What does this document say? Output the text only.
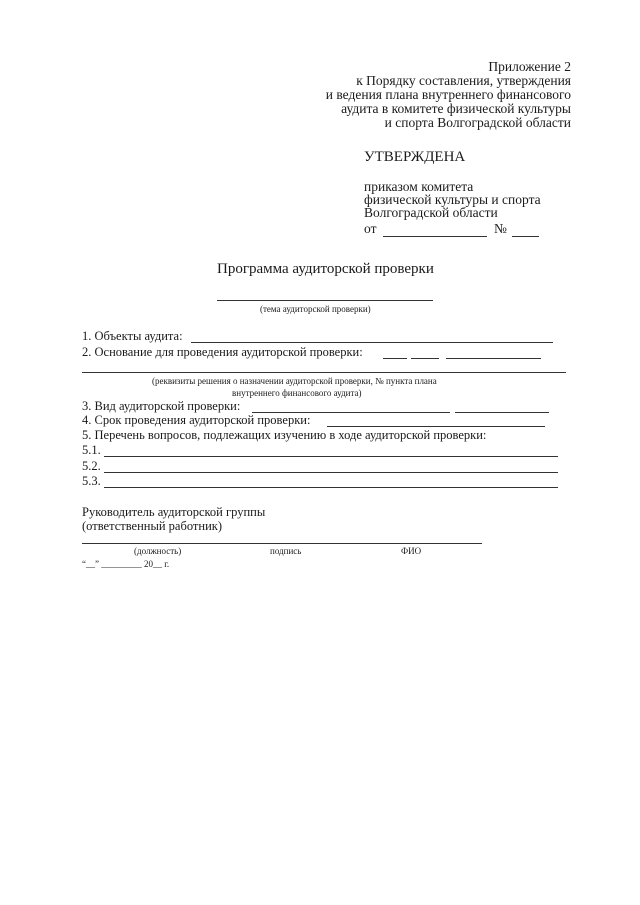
Приложение 2
к Порядку составления, утверждения
и ведения плана внутреннего финансового
аудита в комитете физической культуры
и спорта Волгоградской области
УТВЕРЖДЕНА
приказом комитета
физической культуры и спорта
Волгоградской области
от	№
Программа аудиторской проверки
(тема аудиторской проверки)
1. Объекты аудита:
2. Основание для проведения аудиторской проверки:
(реквизиты решения о назначении аудиторской проверки, № пункта плана
внутреннего финансового аудита)
3. Вид аудиторской проверки:
4. Срок проведения аудиторской проверки:
5. Перечень вопросов, подлежащих изучению в ходе аудиторской проверки:
5.1.
5.2.
5.3.
Руководитель аудиторской группы
(ответственный работник)
(должность)	подпись	ФИО
“__” _________ 20__ г.
